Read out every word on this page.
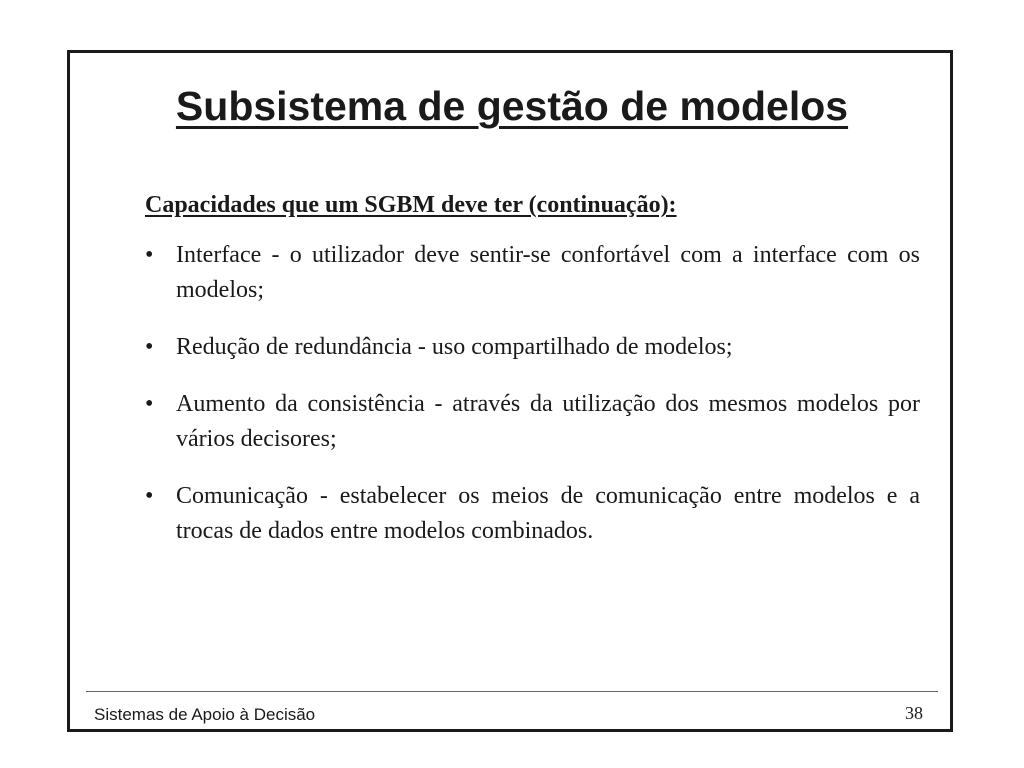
Subsistema de gestão de modelos

Capacidades que um SGBM deve ter (continuação):

• Interface - o utilizador deve sentir-se confortável com a interface com os modelos;
• Redução de redundância - uso compartilhado de modelos;
• Aumento da consistência - através da utilização dos mesmos modelos por vários decisores;
• Comunicação - estabelecer os meios de comunicação entre modelos e a trocas de dados entre modelos combinados.
Sistemas de Apoio à Decisão	38
